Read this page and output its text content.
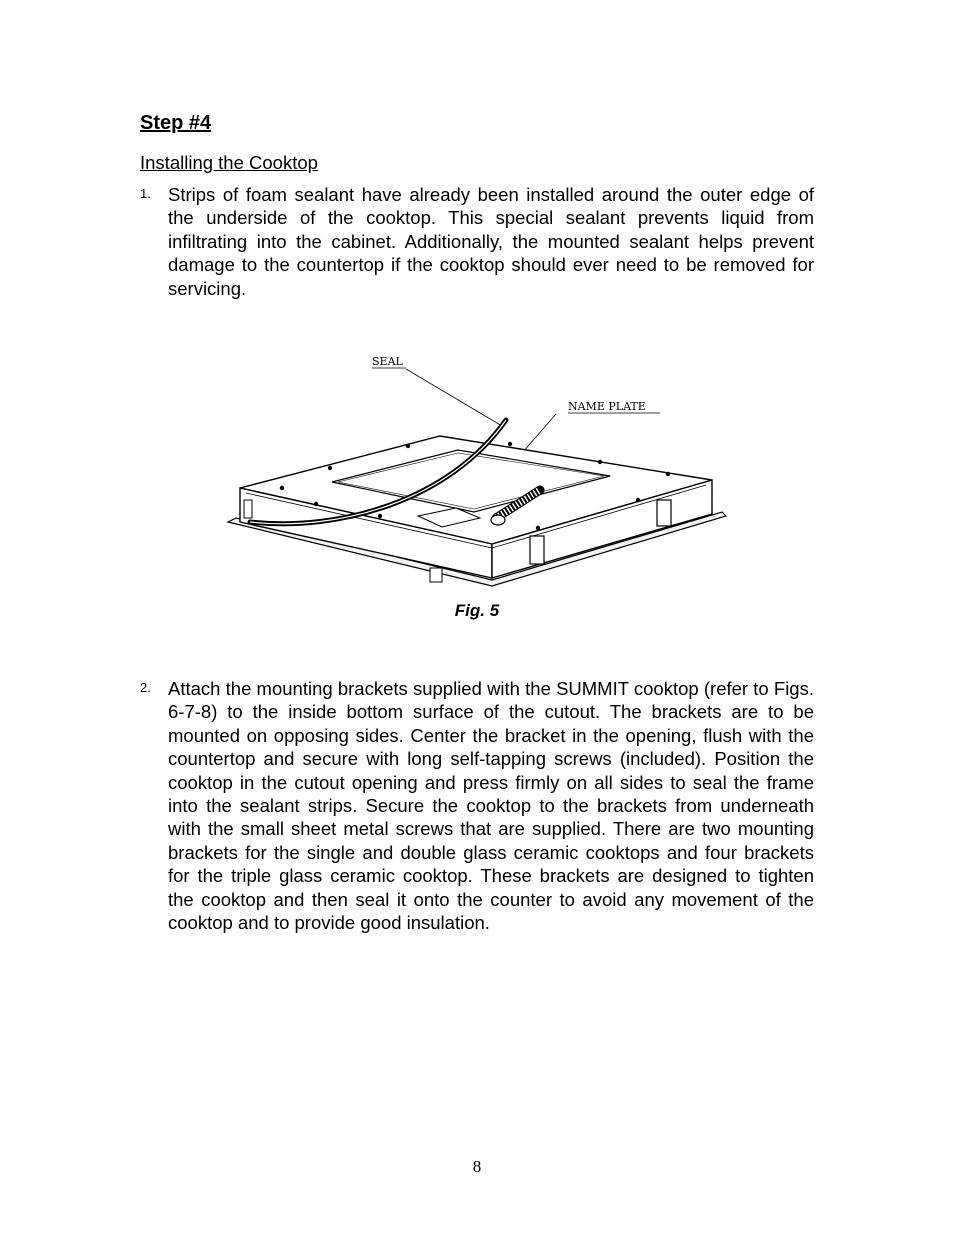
Step #4
Installing the Cooktop
1. Strips of foam sealant have already been installed around the outer edge of the underside of the cooktop. This special sealant prevents liquid from infiltrating into the cabinet. Additionally, the mounted sealant helps prevent damage to the countertop if the cooktop should ever need to be removed for servicing.
SEAL
NAME PLATE
Fig. 5
2. Attach the mounting brackets supplied with the SUMMIT cooktop (refer to Figs. 6-7-8) to the inside bottom surface of the cutout. The brackets are to be mounted on opposing sides. Center the bracket in the opening, flush with the countertop and secure with long self-tapping screws (included). Position the cooktop in the cutout opening and press firmly on all sides to seal the frame into the sealant strips. Secure the cooktop to the brackets from underneath with the small sheet metal screws that are supplied. There are two mounting brackets for the single and double glass ceramic cooktops and four brackets for the triple glass ceramic cooktop. These brackets are designed to tighten the cooktop and then seal it onto the counter to avoid any movement of the cooktop and to provide good insulation.
8
